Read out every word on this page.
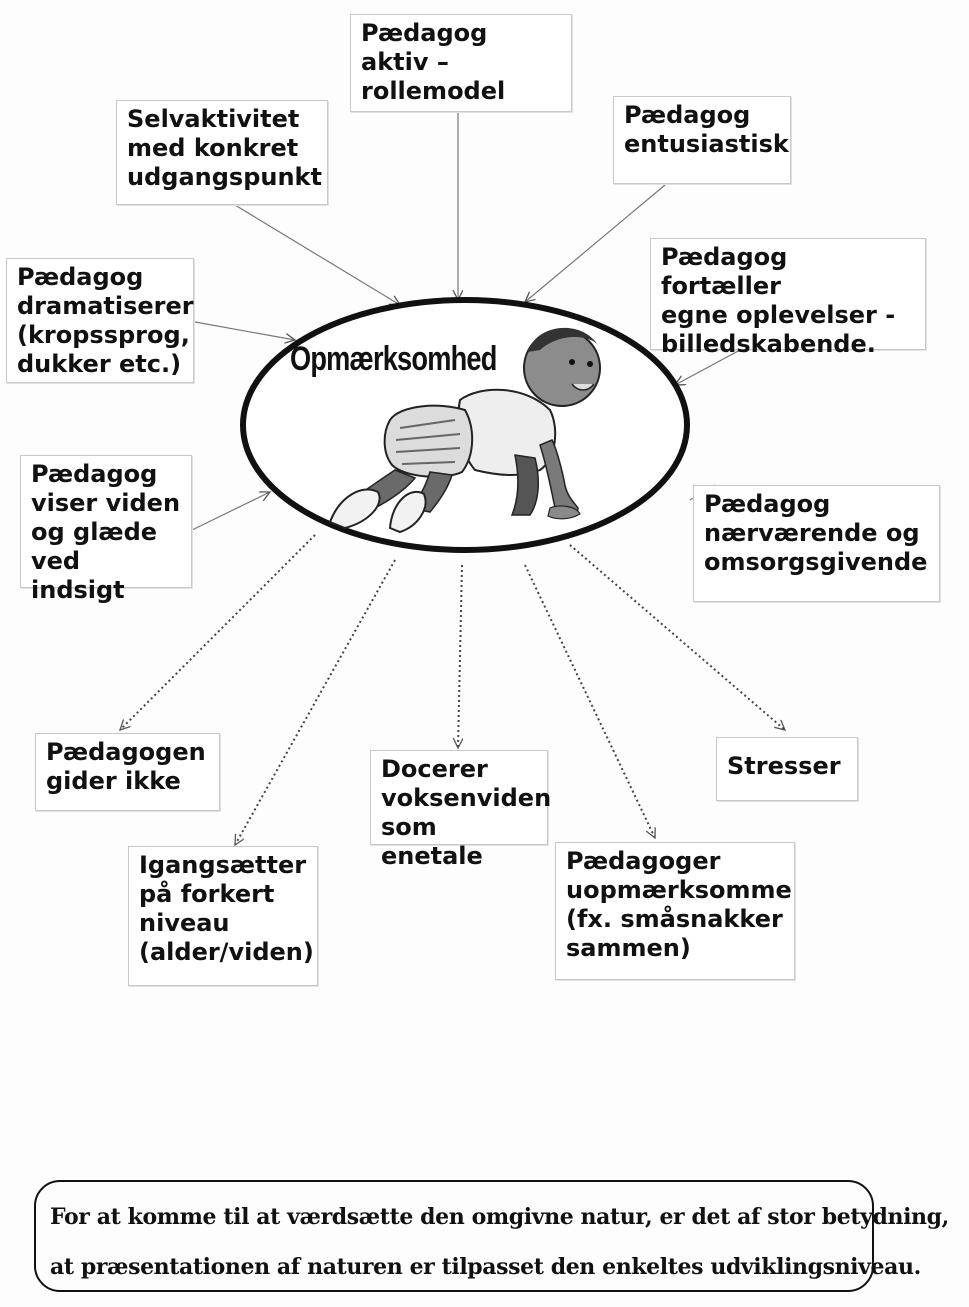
Opmærksomhed
Pædagog
aktiv –
rollemodel
Selvaktivitet
med konkret
udgangspunkt
Pædagog
entusiastisk
Pædagog
dramatiserer
(kropssprog,
dukker etc.)
Pædagog fortæller
egne oplevelser -
billedskabende.
Pædagog
viser viden
og glæde
ved indsigt
Pædagog
nærværende og
omsorgsgivende
Pædagogen
gider ikke
Igangsætter
på forkert
niveau
(alder/viden)
Docerer
voksenviden
som enetale	Pædagoger
uopmærksomme
(fx. småsnakker
sammen)
Stresser
For at komme til at værdsætte den omgivne natur, er det af stor betydning,
at præsentationen af naturen er tilpasset den enkeltes udviklingsniveau.
